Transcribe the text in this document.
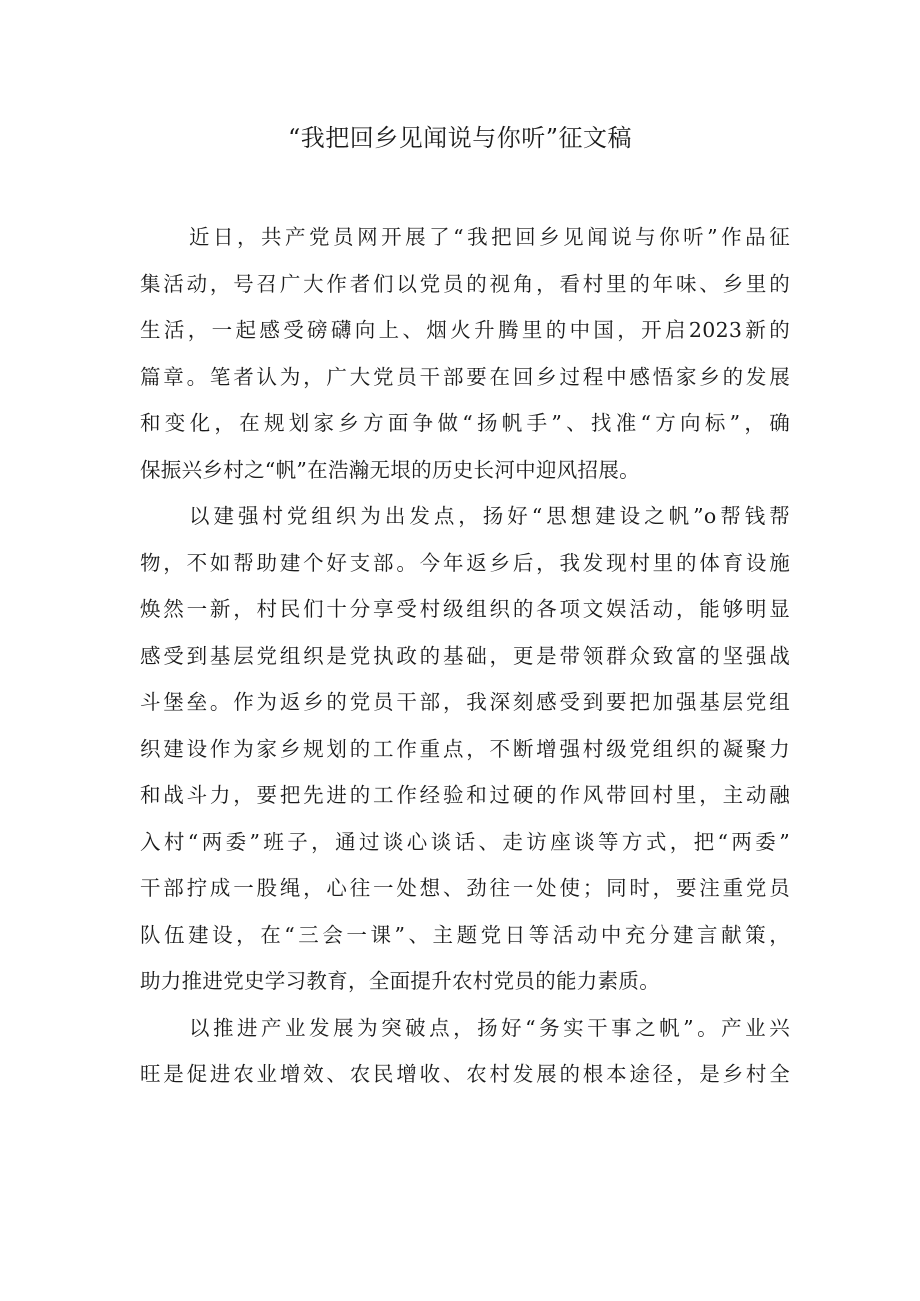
“我把回乡见闻说与你听”征文稿
近日，共产党员网开展了“我把回乡见闻说与你听”作品征
集活动，号召广大作者们以党员的视角，看村里的年味、乡里的
生活，一起感受磅礴向上、烟火升腾里的中国，开启2023新的
篇章。笔者认为，广大党员干部要在回乡过程中感悟家乡的发展
和变化，在规划家乡方面争做“扬帆手”、找准“方向标”，确
保振兴乡村之“帆”在浩瀚无垠的历史长河中迎风招展。
以建强村党组织为出发点，扬好“思想建设之帆”o帮钱帮
物，不如帮助建个好支部。今年返乡后，我发现村里的体育设施
焕然一新，村民们十分享受村级组织的各项文娱活动，能够明显
感受到基层党组织是党执政的基础，更是带领群众致富的坚强战
斗堡垒。作为返乡的党员干部，我深刻感受到要把加强基层党组
织建设作为家乡规划的工作重点，不断增强村级党组织的凝聚力
和战斗力，要把先进的工作经验和过硬的作风带回村里，主动融
入村“两委”班子，通过谈心谈话、走访座谈等方式，把“两委”
干部拧成一股绳，心往一处想、劲往一处使；同时，要注重党员
队伍建设，在“三会一课”、主题党日等活动中充分建言献策，
助力推进党史学习教育，全面提升农村党员的能力素质。
以推进产业发展为突破点，扬好“务实干事之帆”。产业兴
旺是促进农业增效、农民增收、农村发展的根本途径，是乡村全
